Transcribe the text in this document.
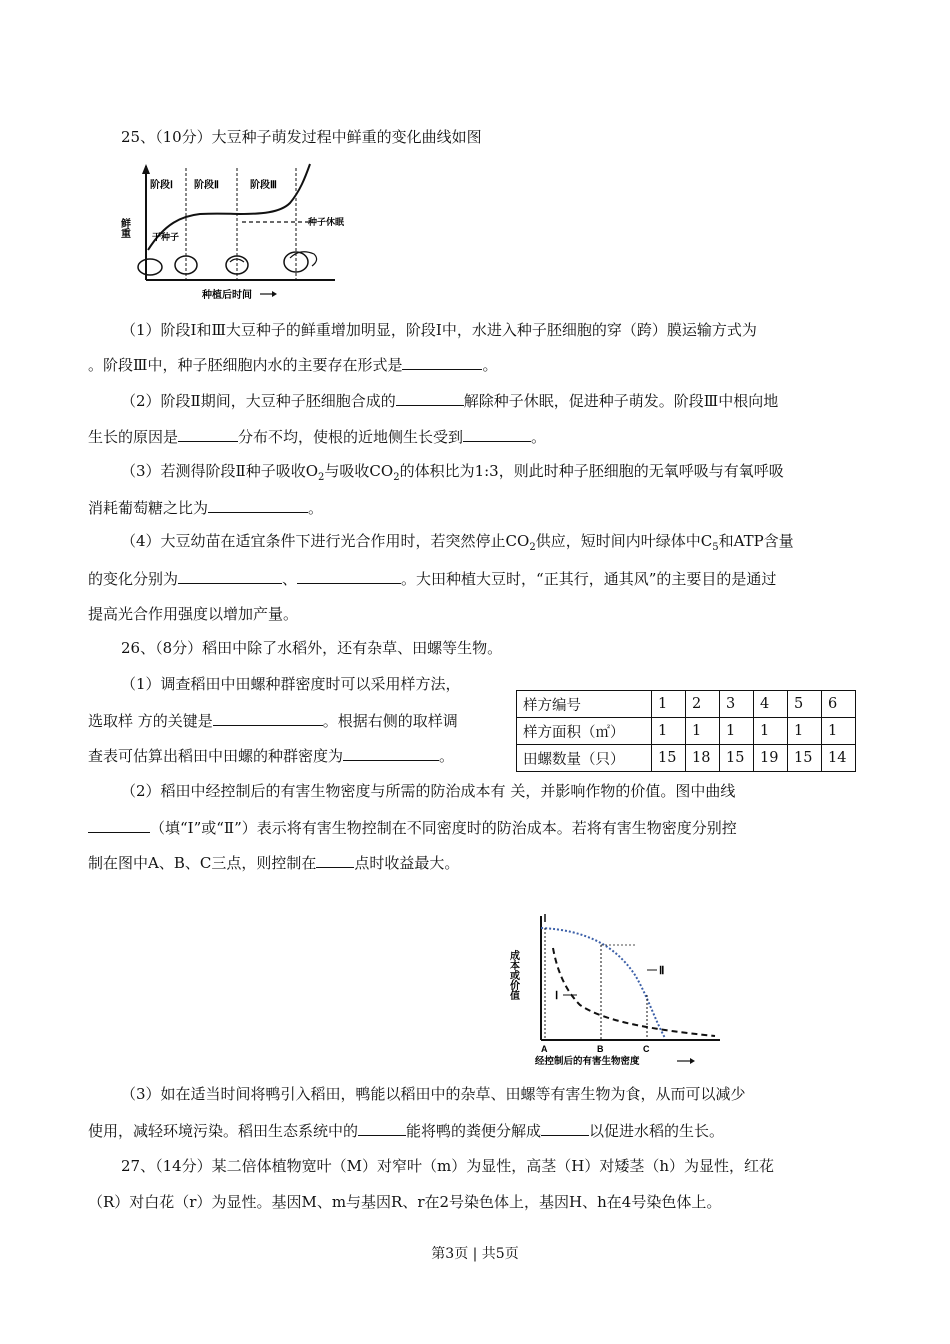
25、（10分）大豆种子萌发过程中鲜重的变化曲线如图
阶段Ⅰ 阶段Ⅱ	阶段Ⅲ
鲜重	干种子
种子休眠
种植后时间
（1）阶段Ⅰ和Ⅲ大豆种子的鲜重增加明显，阶段Ⅰ中，水进入种子胚细胞的穿（跨）膜运输方式为
。阶段Ⅲ中，种子胚细胞内水的主要存在形式是	。
（2）阶段Ⅱ期间，大豆种子胚细胞合成的	解除种子休眠，促进种子萌发。阶段Ⅲ中根向地
生长的原因是	分布不均，使根的近地侧生长受到	。
（3）若测得阶段Ⅱ种子吸收$O_2$与吸收$CO_2$的体积比为1:3，则此时种子胚细胞的无氧呼吸与有氧呼吸
消耗葡萄糖之比为	。
（4）大豆幼苗在适宜条件下进行光合作用时，若突然停止$CO_2$供应，短时间内叶绿体中$C_5$和ATP含量
的变化分别为	、	。大田种植大豆时，“正其行，通其风”的主要目的是通过
提高光合作用强度以增加产量。
26、（8分）稻田中除了水稻外，还有杂草、田螺等生物。
（1）调查稻田中田螺种群密度时可以采用样方法，
选取样 方的关键是	。根据右侧的取样调
查表可估算出稻田中田螺的种群密度为	。
样方编号	1	2	3	4	5	6
样方面积（㎡）	1	1	1	1	1	1
田螺数量（只）	15	18	15	19	15	14
（2）稻田中经控制后的有害生物密度与所需的防治成本有 关，并影响作物的价值。图中曲线
（填“Ⅰ”或“Ⅱ”）表示将有害生物控制在不同密度时的防治成本。若将有害生物密度分别控
制在图中A、B、C三点，则控制在	点时收益最大。
成本或价值	Ⅱ
Ⅰ
A	B	C
经控制后的有害生物密度
（3）如在适当时间将鸭引入稻田，鸭能以稻田中的杂草、田螺等有害生物为食，从而可以减少
使用，减轻环境污染。稻田生态系统中的	能将鸭的粪便分解成	以促进水稻的生长。
27、（14分）某二倍体植物宽叶（M）对窄叶（m）为显性，高茎（H）对矮茎（h）为显性，红花
（R）对白花（r）为显性。基因M、m与基因R、r在2号染色体上，基因H、h在4号染色体上。
第3页 | 共5页
